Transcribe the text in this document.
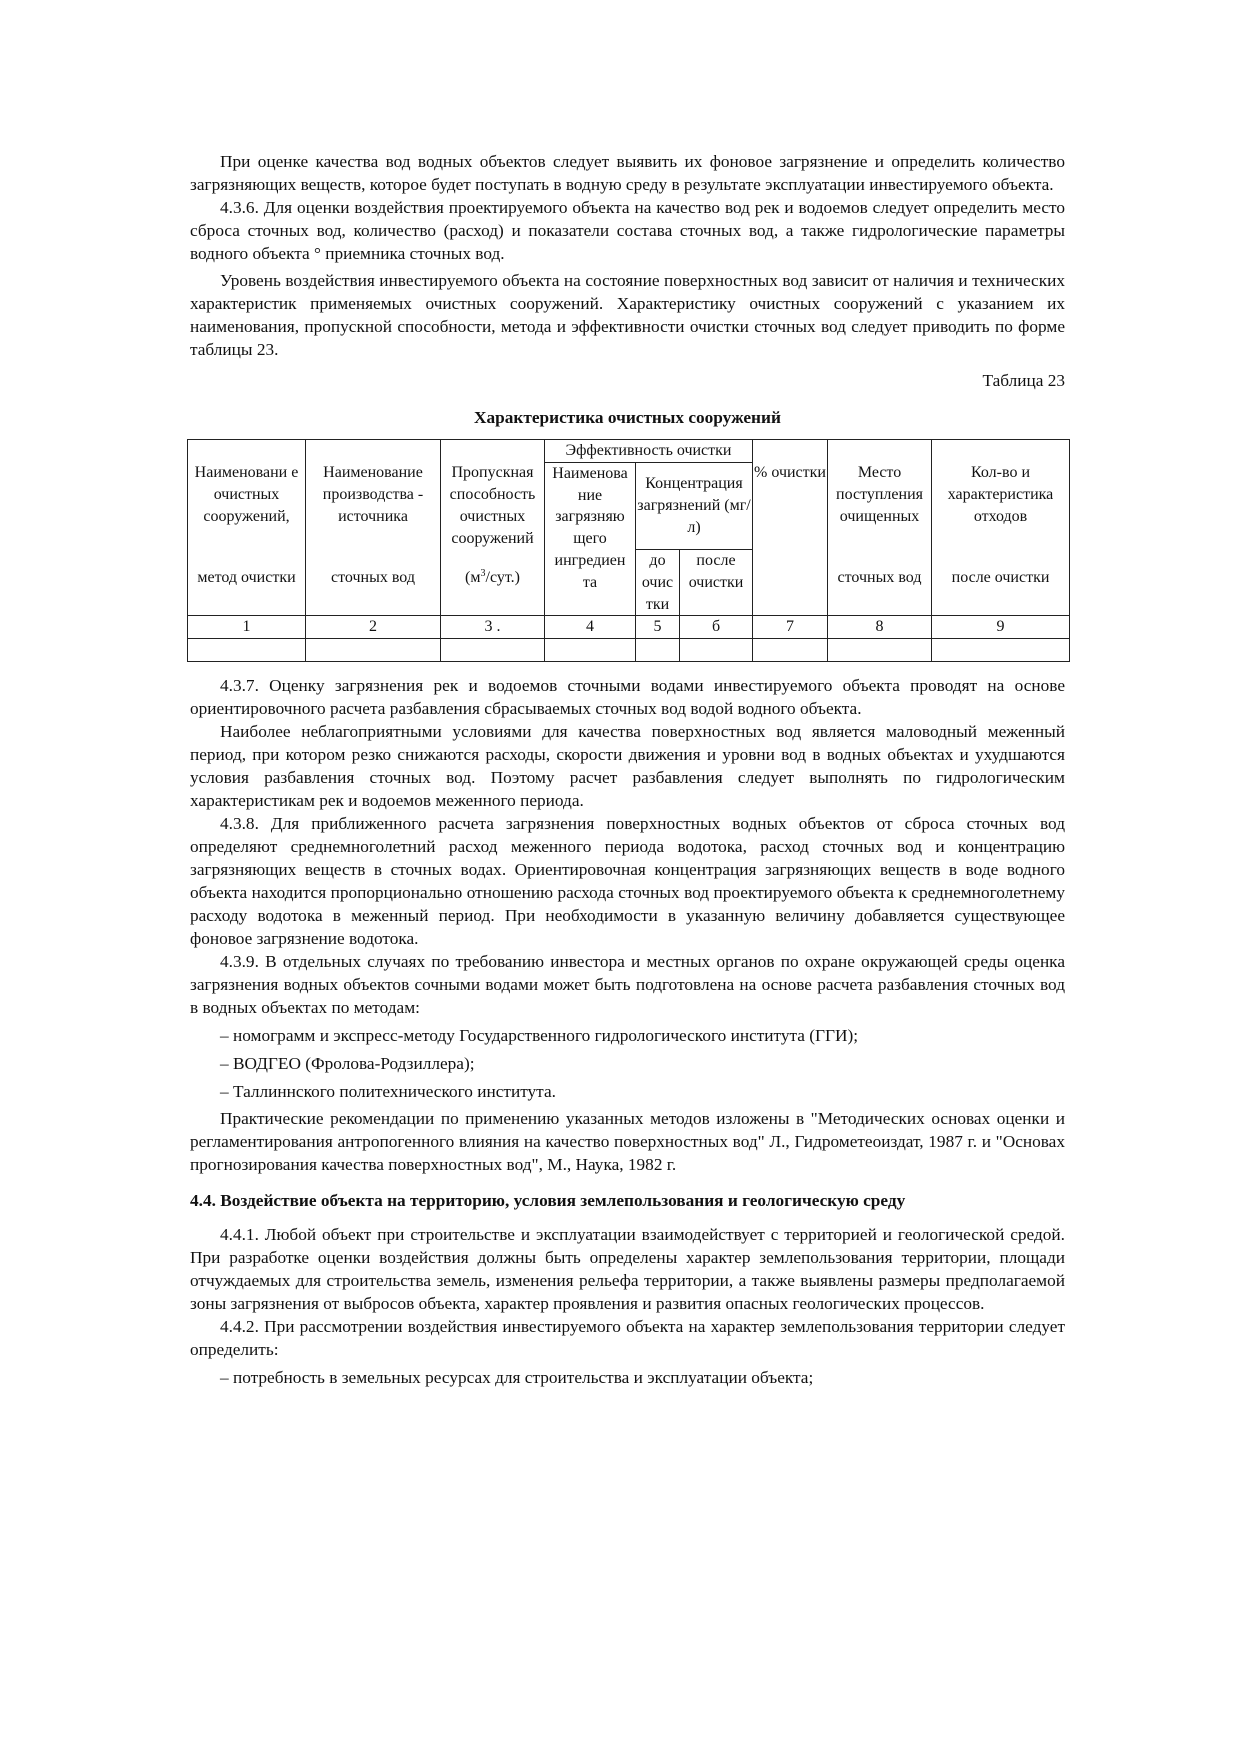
При оценке качества вод водных объектов следует выявить их фоновое загрязнение и определить количество загрязняющих веществ, которое будет поступать в водную среду в результате эксплуатации инвестируемого объекта.

4.3.6. Для оценки воздействия проектируемого объекта на качество вод рек и водоемов следует определить место сброса сточных вод, количество (расход) и показатели состава сточных вод, а также гидрологические параметры водного объекта ° приемника сточных вод.

Уровень воздействия инвестируемого объекта на состояние поверхностных вод зависит от наличия и технических характеристик применяемых очистных сооружений. Характеристику очистных сооружений с указанием их наименования, пропускной способности, метода и эффективности очистки сточных вод следует приводить по форме таблицы 23.

Таблица 23

Характеристика очистных сооружений

			Эффективность очистки					
Наименовани е очистных сооружений,	Наименование производства - источника	Пропускная способность очистных сооружений	Наименова ние загрязняю щего ингредиен та	Концентрация загрязнений (мг/л)		% очистки	Место поступления очищенных	Кол-во и характеристика отходов
метод очистки	сточных вод	$(м^3/сут.)$		до очис тки	после очистки		сточных вод	после очистки
1	2	3 .	4	5	б	7	8	9

4.3.7. Оценку загрязнения рек и водоемов сточными водами инвестируемого объекта проводят на основе ориентировочного расчета разбавления сбрасываемых сточных вод водой водного объекта.

Наиболее неблагоприятными условиями для качества поверхностных вод является маловодный меженный период, при котором резко снижаются расходы, скорости движения и уровни вод в водных объектах и ухудшаются условия разбавления сточных вод. Поэтому расчет разбавления следует выполнять по гидрологическим характеристикам рек и водоемов меженного периода.

4.3.8. Для приближенного расчета загрязнения поверхностных водных объектов от сброса сточных вод определяют среднемноголетний расход меженного периода водотока, расход сточных вод и концентрацию загрязняющих веществ в сточных водах. Ориентировочная концентрация загрязняющих веществ в воде водного объекта находится пропорционально отношению расхода сточных вод проектируемого объекта к среднемноголетнему расходу водотока в меженный период. При необходимости в указанную величину добавляется существующее фоновое загрязнение водотока.

4.3.9. В отдельных случаях по требованию инвестора и местных органов по охране окружающей среды оценка загрязнения водных объектов сочными водами может быть подготовлена на основе расчета разбавления сточных вод в водных объектах по методам:

– номограмм и экспресс-методу Государственного гидрологического института (ГГИ);

– ВОДГЕО (Фролова-Родзиллера);

– Таллиннского политехнического института.

Практические рекомендации по применению указанных методов изложены в "Методических основах оценки и регламентирования антропогенного влияния на качество поверхностных вод" Л., Гидрометеоиздат, 1987 г. и "Основах прогнозирования качества поверхностных вод", М., Наука, 1982 г.

4.4. Воздействие объекта на территорию, условия землепользования и геологическую среду

4.4.1. Любой объект при строительстве и эксплуатации взаимодействует с территорией и геологической средой. При разработке оценки воздействия должны быть определены характер землепользования территории, площади отчуждаемых для строительства земель, изменения рельефа территории, а также выявлены размеры предполагаемой зоны загрязнения от выбросов объекта, характер проявления и развития опасных геологических процессов.

4.4.2. При рассмотрении воздействия инвестируемого объекта на характер землепользования территории следует определить:

– потребность в земельных ресурсах для строительства и эксплуатации объекта;
